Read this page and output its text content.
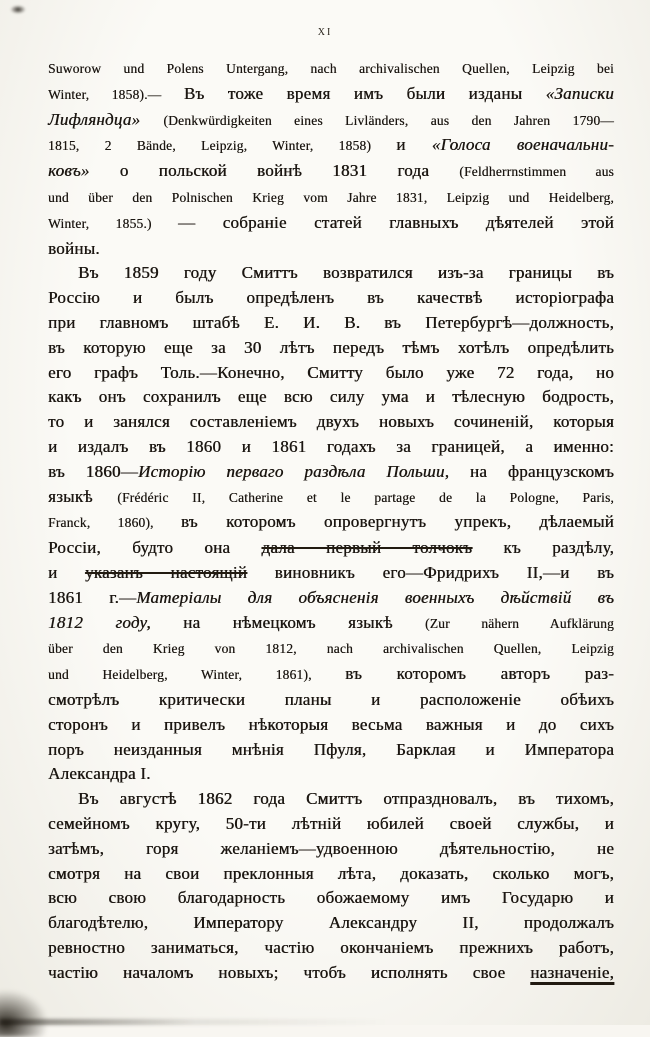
xi
Suworow und Polens Untergang, nach archivalischen Quellen, Leipzig bei
Winter, 1858).— Въ тоже время имъ были изданы «Записки
Лифляндца» (Denkwürdigkeiten eines Livländers, aus den Jahren 1790—
1815, 2 Bände, Leipzig, Winter, 1858) и «Голоса военачальни-
ковъ» о польской войнѣ 1831 года (Feldherrnstimmen aus
und über den Polnischen Krieg vom Jahre 1831, Leipzig und Heidelberg,
Winter, 1855.) — собраніе статей главныхъ дѣятелей этой
войны.
Въ 1859 году Смиттъ возвратился изъ-за границы въ
Россію и былъ опредѣленъ въ качествѣ исторіографа
при главномъ штабѣ Е. И. В. въ Петербургѣ—должность,
въ которую еще за 30 лѣтъ передъ тѣмъ хотѣлъ опредѣлить
его графъ Толь.—Конечно, Смитту было уже 72 года, но
какъ онъ сохранилъ еще всю силу ума и тѣлесную бодрость,
то и занялся составленіемъ двухъ новыхъ сочиненій, которыя
и издалъ въ 1860 и 1861 годахъ за границей, а именно:
въ 1860—Исторію перваго раздѣла Польши, на французскомъ
языкѣ (Frédéric II, Catherine et le partage de la Pologne, Paris,
Franck, 1860), въ которомъ опровергнутъ упрекъ, дѣлаемый
Россіи, будто она дала первый толчокъ къ раздѣлу,
и указанъ настоящій виновникъ его—Фридрихъ II,—и въ
1861 г.—Матеріалы для объясненія военныхъ дѣйствій въ
1812 году, на нѣмецкомъ языкѣ (Zur nähern Aufklärung
über den Krieg von 1812, nach archivalischen Quellen, Leipzig
und Heidelberg, Winter, 1861), въ которомъ авторъ раз-
смотрѣлъ критически планы и расположеніе обѣихъ
сторонъ и привелъ нѣкоторыя весьма важныя и до сихъ
поръ неизданныя мнѣнія Пфуля, Барклая и Императора
Александра I.
Въ августѣ 1862 года Смиттъ отпраздновалъ, въ тихомъ,
семейномъ кругу, 50-ти лѣтній юбилей своей службы, и
затѣмъ, горя желаніемъ—удвоенною дѣятельностію, не
смотря на свои преклонныя лѣта, доказать, сколько могъ,
всю свою благодарность обожаемому имъ Государю и
благодѣтелю, Императору Александру II, продолжалъ
ревностно заниматься, частію окончаніемъ прежнихъ работъ,
частію началомъ новыхъ; чтобъ исполнять свое назначеніе,
